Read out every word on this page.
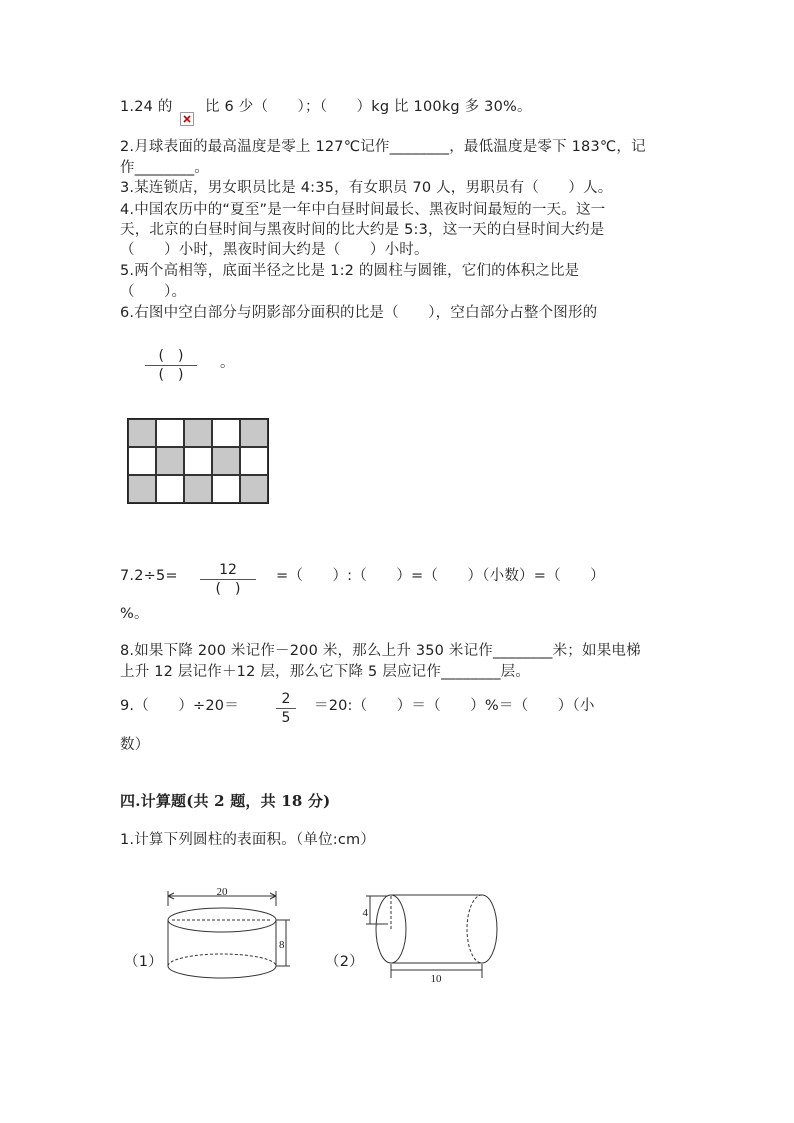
1.24 的 比 6 少（　　）；（　　）kg 比 100kg 多 30%。
2.月球表面的最高温度是零上 127℃记作________，最低温度是零下 183℃，记
作________。
3.某连锁店，男女职员比是 4:35，有女职员 70 人，男职员有（　　）人。
4.中国农历中的“夏至”是一年中白昼时间最长、黑夜时间最短的一天。这一
天，北京的白昼时间与黑夜时间的比大约是 5:3，这一天的白昼时间大约是
（　　）小时，黑夜时间大约是（　　）小时。
5.两个高相等，底面半径之比是 1:2 的圆柱与圆锥，它们的体积之比是
（　　）。
6.右图中空白部分与阴影部分面积的比是（　　），空白部分占整个图形的
(　)
(　)
。
7.2÷5=	12
(　)
=（　　）:（　　）=（　　）（小数）=（　　）
%。
8.如果下降 200 米记作－200 米，那么上升 350 米记作________米；如果电梯
上升 12 层记作＋12 层，那么它下降 5 层应记作________层。
9.（　　）÷20＝	2
5
＝20:（　　）＝（　　）%＝（　　）（小
数）
四.计算题(共 2 题，共 18 分)
1.计算下列圆柱的表面积。（单位:cm）
（1）
20
8
（2）
4
10
